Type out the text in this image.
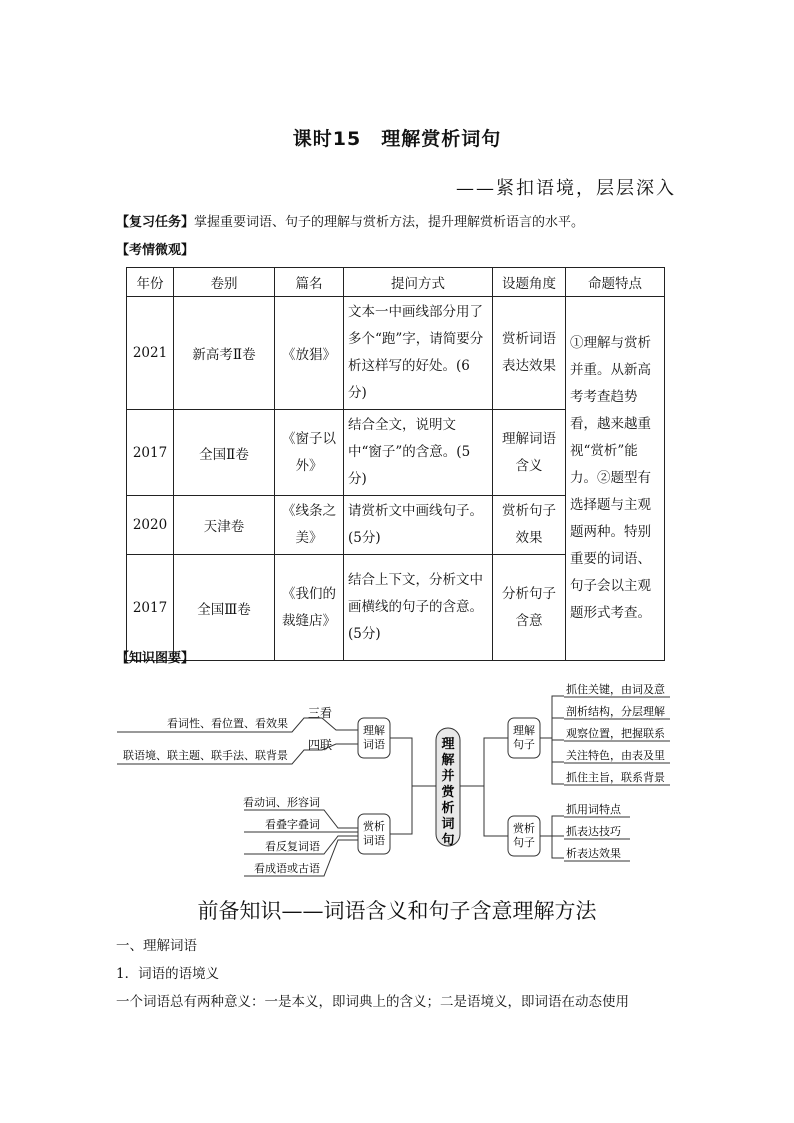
课时15　理解赏析词句
——紧扣语境，层层深入
【复习任务】掌握重要词语、句子的理解与赏析方法，提升理解赏析语言的水平。
【考情微观】
年份	卷别	篇名	提问方式	设题角度	命题特点
2021	新高考Ⅱ卷	《放猖》	文本一中画线部分用了多个“跑”字，请简要分析这样写的好处。(6分)	赏析词语表达效果	①理解与赏析并重。从新高考考查趋势看，越来越重视“赏析”能力。②题型有选择题与主观题两种。特别重要的词语、句子会以主观题形式考查。
2017	全国Ⅱ卷	《窗子以外》	结合全文，说明文中“窗子”的含意。(5分)	理解词语含义	
2020	天津卷	《线条之美》	请赏析文中画线句子。(5分)	赏析句子效果	
2017	全国Ⅲ卷	《我们的裁缝店》	结合上下文，分析文中画横线的句子的含意。(5分)	分析句子含意	
【知识图要】
三看
四联
看词性、看位置、看效果
联语境、联主题、联手法、联背景
看动词、形容词
看叠字叠词
看反复词语
看成语或古语
理解词语
赏析词语
理解并赏析词句
理解句子
赏析句子
抓住关键，由词及意
剖析结构，分层理解
观察位置，把握联系
关注特色，由表及里
抓住主旨，联系背景
抓用词特点
抓表达技巧
析表达效果
前备知识——词语含义和句子含意理解方法
一、理解词语
1．词语的语境义
一个词语总有两种意义：一是本义，即词典上的含义；二是语境义，即词语在动态使用
